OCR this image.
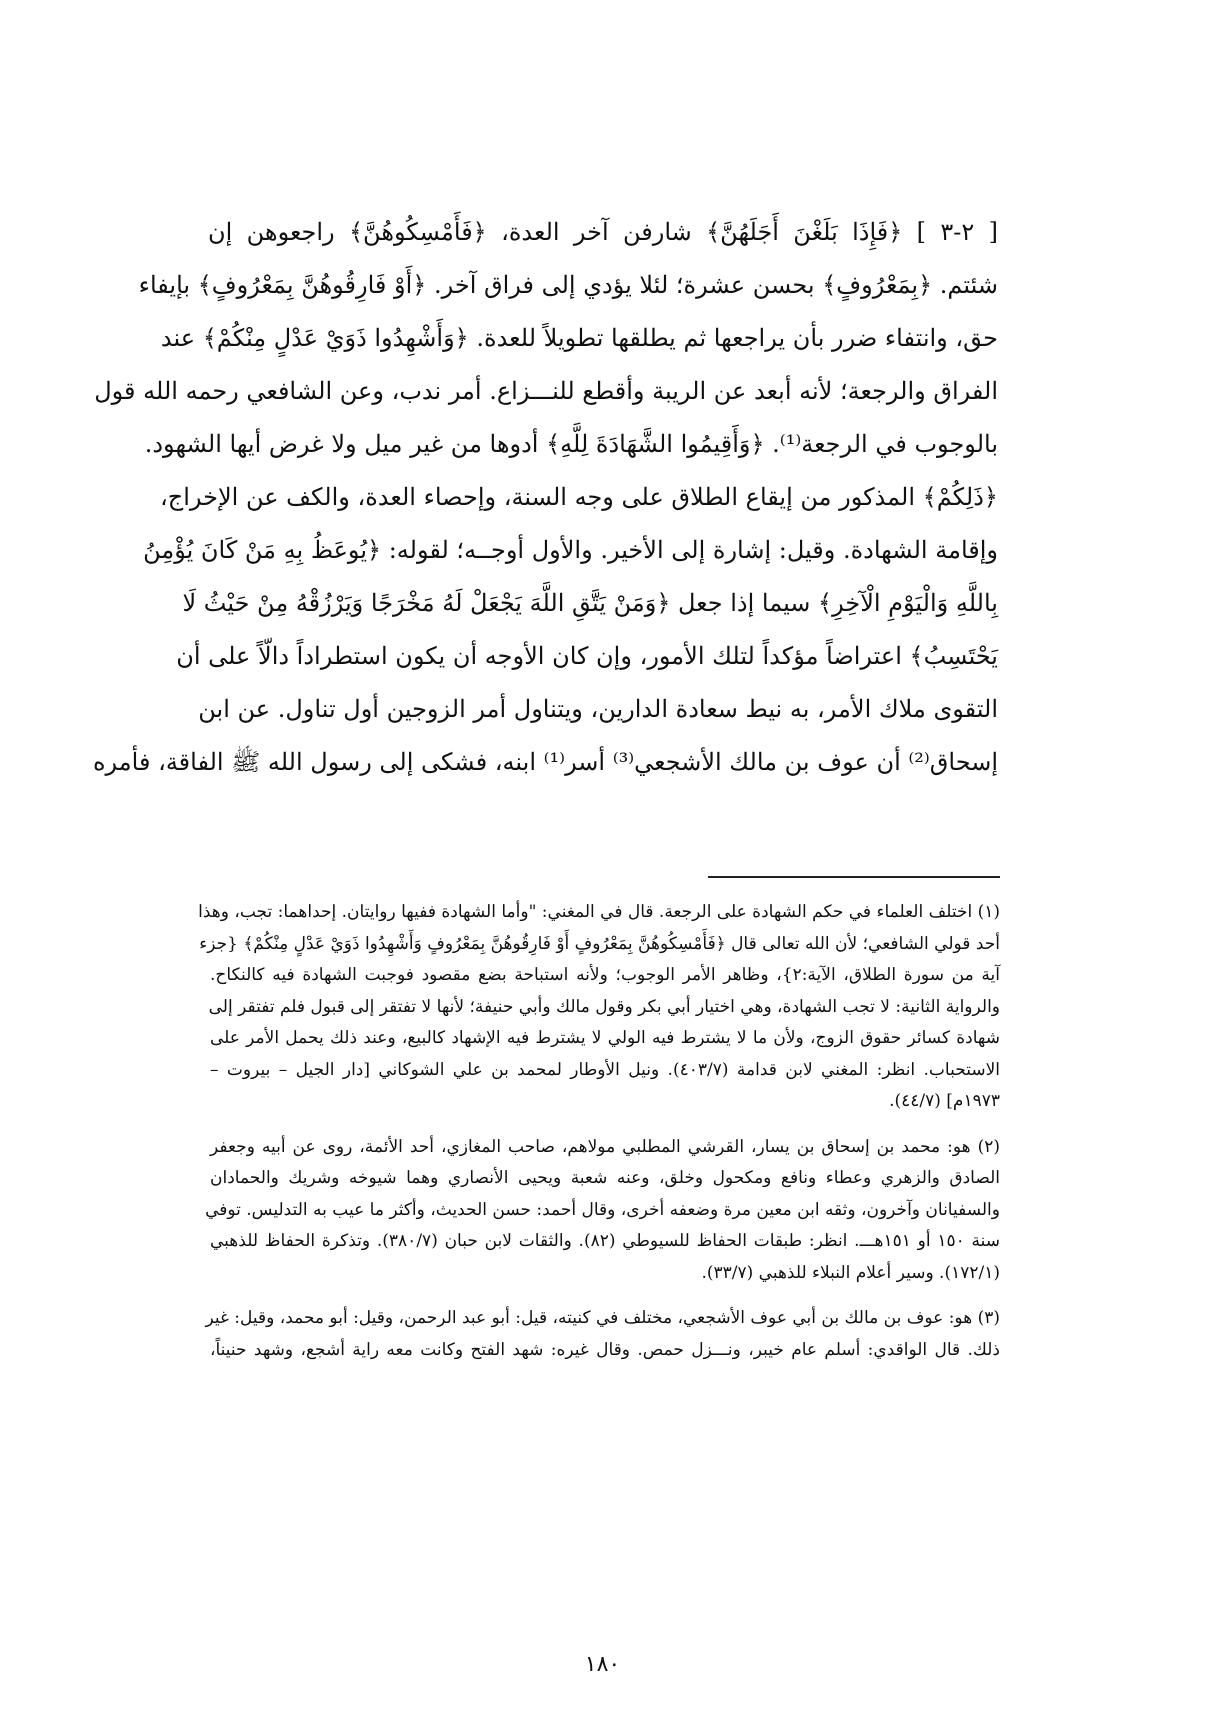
[ ٢-٣ ] ﴿فَإِذَا بَلَغْنَ أَجَلَهُنَّ﴾ شارفن آخر العدة، ﴿فَأَمْسِكُوهُنَّ﴾ راجعوهن إن
شئتم. ﴿بِمَعْرُوفٍ﴾ بحسن عشرة؛ لئلا يؤدي إلى فراق آخر. ﴿أَوْ فَارِقُوهُنَّ بِمَعْرُوفٍ﴾ بإيفاء
حق، وانتفاء ضرر بأن يراجعها ثم يطلقها تطويلاً للعدة. ﴿وَأَشْهِدُوا ذَوَيْ عَدْلٍ مِنْكُمْ﴾ عند
الفراق والرجعة؛ لأنه أبعد عن الريبة وأقطع للنـــزاع. أمر ندب، وعن الشافعي رحمه الله قول
بالوجوب في الرجعة⁽¹⁾. ﴿وَأَقِيمُوا الشَّهَادَةَ لِلَّهِ﴾ أدوها من غير ميل ولا غرض أيها الشهود.
﴿ذَلِكُمْ﴾ المذكور من إيقاع الطلاق على وجه السنة، وإحصاء العدة، والكف عن الإخراج،
وإقامة الشهادة. وقيل: إشارة إلى الأخير. والأول أوجــه؛ لقوله: ﴿يُوعَظُ بِهِ مَنْ كَانَ يُؤْمِنُ
بِاللَّهِ وَالْيَوْمِ الْآخِرِ﴾ سيما إذا جعل ﴿وَمَنْ يَتَّقِ اللَّهَ يَجْعَلْ لَهُ مَخْرَجًا وَيَرْزُقْهُ مِنْ حَيْثُ لَا
يَحْتَسِبُ﴾ اعتراضاً مؤكداً لتلك الأمور، وإن كان الأوجه أن يكون استطراداً دالّاً على أن
التقوى ملاك الأمر، به نيط سعادة الدارين، ويتناول أمر الزوجين أول تناول. عن ابن
إسحاق⁽²⁾ أن عوف بن مالك الأشجعي⁽³⁾ أسر⁽¹⁾ ابنه، فشكى إلى رسول الله ﷺ الفاقة، فأمره
(١) اختلف العلماء في حكم الشهادة على الرجعة. قال في المغني: "وأما الشهادة ففيها روايتان. إحداهما: تجب، وهذا
أحد قولي الشافعي؛ لأن الله تعالى قال ﴿فَأَمْسِكُوهُنَّ بِمَعْرُوفٍ أَوْ فَارِقُوهُنَّ بِمَعْرُوفٍ وَأَشْهِدُوا ذَوَيْ عَدْلٍ مِنْكُمْ﴾ {جزء
آية من سورة الطلاق، الآية:٢}، وظاهر الأمر الوجوب؛ ولأنه استباحة بضع مقصود فوجبت الشهادة فيه كالنكاح.
والرواية الثانية: لا تجب الشهادة، وهي اختيار أبي بكر وقول مالك وأبي حنيفة؛ لأنها لا تفتقر إلى قبول فلم تفتقر إلى
شهادة كسائر حقوق الزوج، ولأن ما لا يشترط فيه الولي لا يشترط فيه الإشهاد كالبيع، وعند ذلك يحمل الأمر على
الاستحباب. انظر: المغني لابن قدامة (٤٠٣/٧). ونيل الأوطار لمحمد بن علي الشوكاني [دار الجيل – بيروت –
١٩٧٣م] (٤٤/٧).
(٢) هو: محمد بن إسحاق بن يسار، القرشي المطلبي مولاهم، صاحب المغازي، أحد الأئمة، روى عن أبيه وجعفر
الصادق والزهري وعطاء ونافع ومكحول وخلق، وعنه شعبة ويحيى الأنصاري وهما شيوخه وشريك والحمادان
والسفيانان وآخرون، وثقه ابن معين مرة وضعفه أخرى، وقال أحمد: حسن الحديث، وأكثر ما عيب به التدليس. توفي
سنة ١٥٠ أو ١٥١هـــ. انظر: طبقات الحفاظ للسيوطي (٨٢). والثقات لابن حبان (٣٨٠/٧). وتذكرة الحفاظ للذهبي
(١٧٢/١). وسير أعلام النبلاء للذهبي (٣٣/٧).
(٣) هو: عوف بن مالك بن أبي عوف الأشجعي، مختلف في كنيته، قيل: أبو عبد الرحمن، وقيل: أبو محمد، وقيل: غير
ذلك. قال الواقدي: أسلم عام خيبر، ونـــزل حمص. وقال غيره: شهد الفتح وكانت معه راية أشجع، وشهد حنيناً،
١٨٠
